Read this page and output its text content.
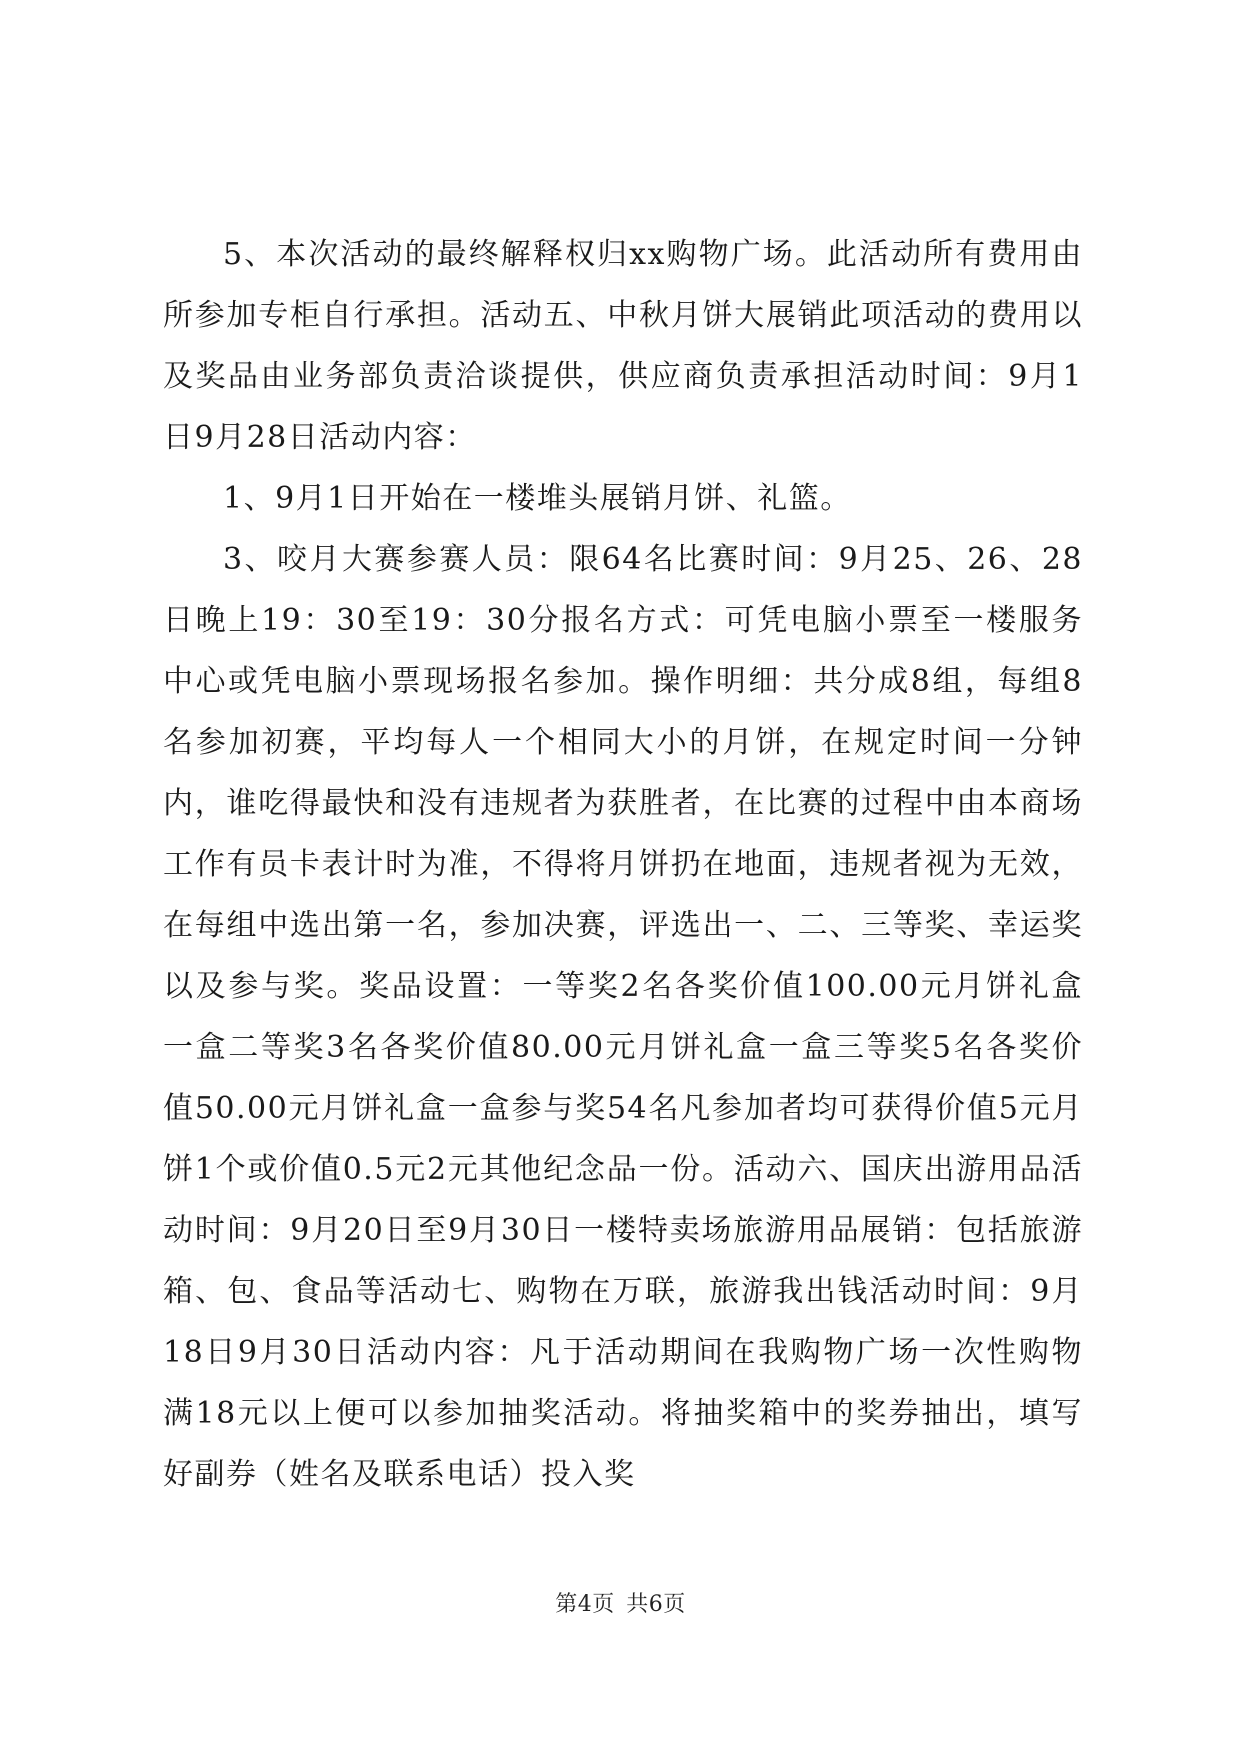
5、本次活动的最终解释权归xx购物广场。此活动所有费用由所参加专柜自行承担。活动五、中秋月饼大展销此项活动的费用以及奖品由业务部负责洽谈提供，供应商负责承担活动时间：9月1日9月28日活动内容：

1、9月1日开始在一楼堆头展销月饼、礼篮。

3、咬月大赛参赛人员：限64名比赛时间：9月25、26、28日晚上19：30至19：30分报名方式：可凭电脑小票至一楼服务中心或凭电脑小票现场报名参加。操作明细：共分成8组，每组8名参加初赛，平均每人一个相同大小的月饼，在规定时间一分钟内，谁吃得最快和没有违规者为获胜者，在比赛的过程中由本商场工作有员卡表计时为准，不得将月饼扔在地面，违规者视为无效，在每组中选出第一名，参加决赛，评选出一、二、三等奖、幸运奖以及参与奖。奖品设置：一等奖2名各奖价值100.00元月饼礼盒一盒二等奖3名各奖价值80.00元月饼礼盒一盒三等奖5名各奖价值50.00元月饼礼盒一盒参与奖54名凡参加者均可获得价值5元月饼1个或价值0.5元2元其他纪念品一份。活动六、国庆出游用品活动时间：9月20日至9月30日一楼特卖场旅游用品展销：包括旅游箱、包、食品等活动七、购物在万联，旅游我出钱活动时间：9月18日9月30日活动内容：凡于活动期间在我购物广场一次性购物满18元以上便可以参加抽奖活动。将抽奖箱中的奖券抽出，填写好副券（姓名及联系电话）投入奖

第4页 共6页
